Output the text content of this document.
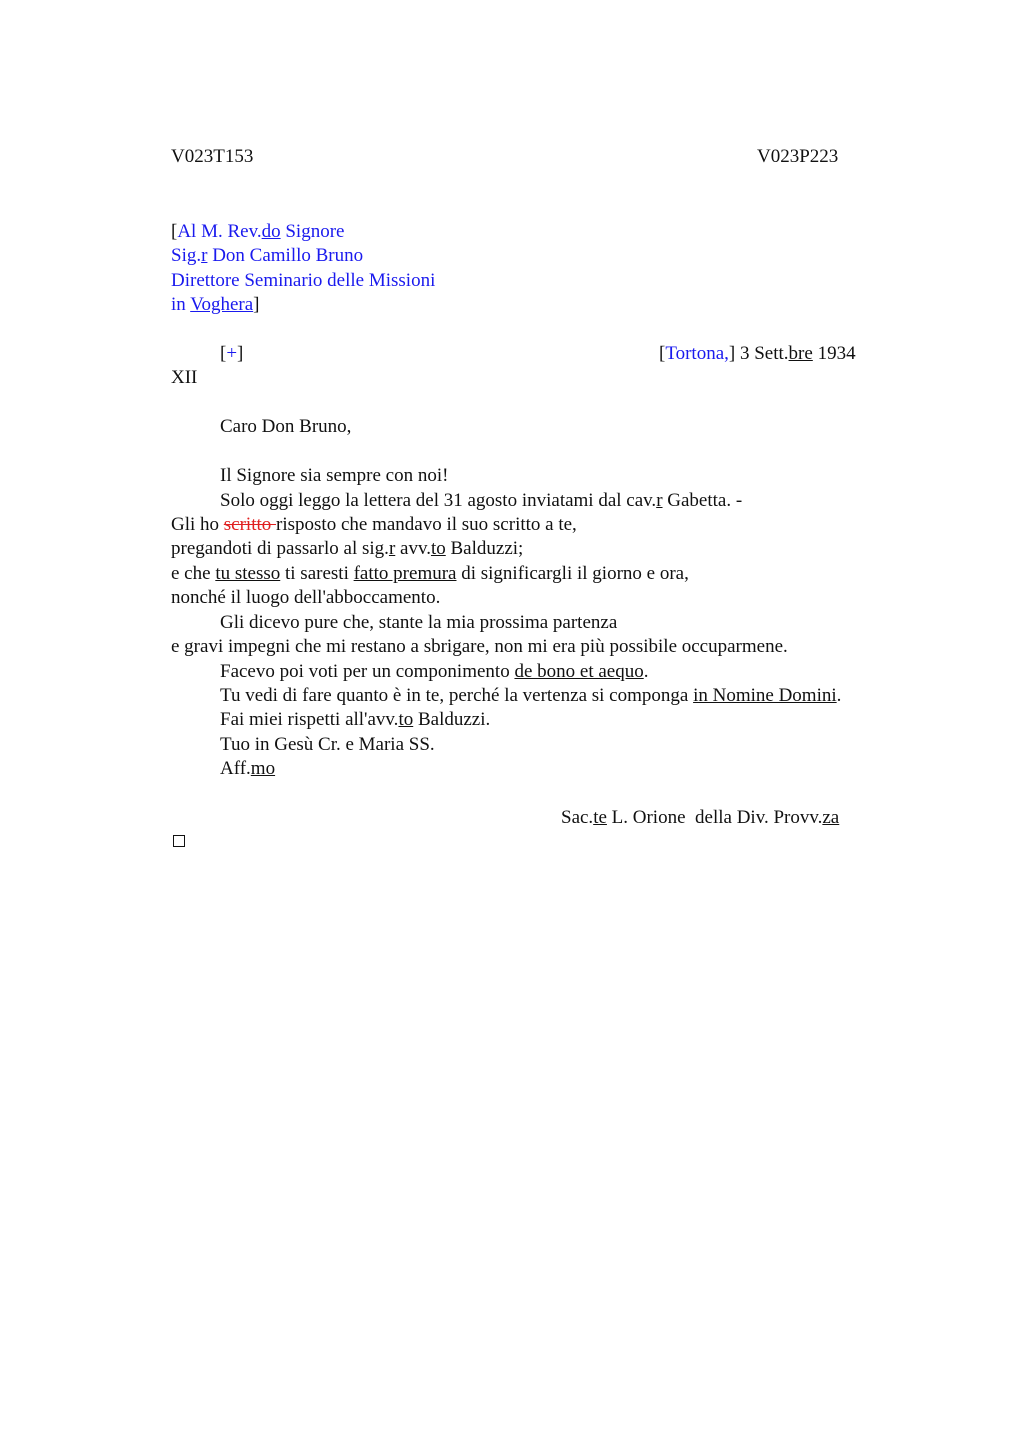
V023T153	V023P223
[Al M. Rev.do Signore
Sig.r Don Camillo Bruno
Direttore Seminario delle Missioni
in Voghera]
[+]	[Tortona,] 3 Sett.bre 1934
XII
Caro Don Bruno,
Il Signore sia sempre con noi!
Solo oggi leggo la lettera del 31 agosto inviatami dal cav.r Gabetta. -
Gli ho scritto risposto che mandavo il suo scritto a te,
pregandoti di passarlo al sig.r avv.to Balduzzi;
e che tu stesso ti saresti fatto premura di significargli il giorno e ora,
nonché il luogo dell'abboccamento.
Gli dicevo pure che, stante la mia prossima partenza
e gravi impegni che mi restano a sbrigare, non mi era più possibile occuparmene.
Facevo poi voti per un componimento de bono et aequo.
Tu vedi di fare quanto è in te, perché la vertenza si componga in Nomine Domini.
Fai miei rispetti all'avv.to Balduzzi.
Tuo in Gesù Cr. e Maria SS.
Aff.mo
Sac.te L. Orione  della Div. Provv.za
